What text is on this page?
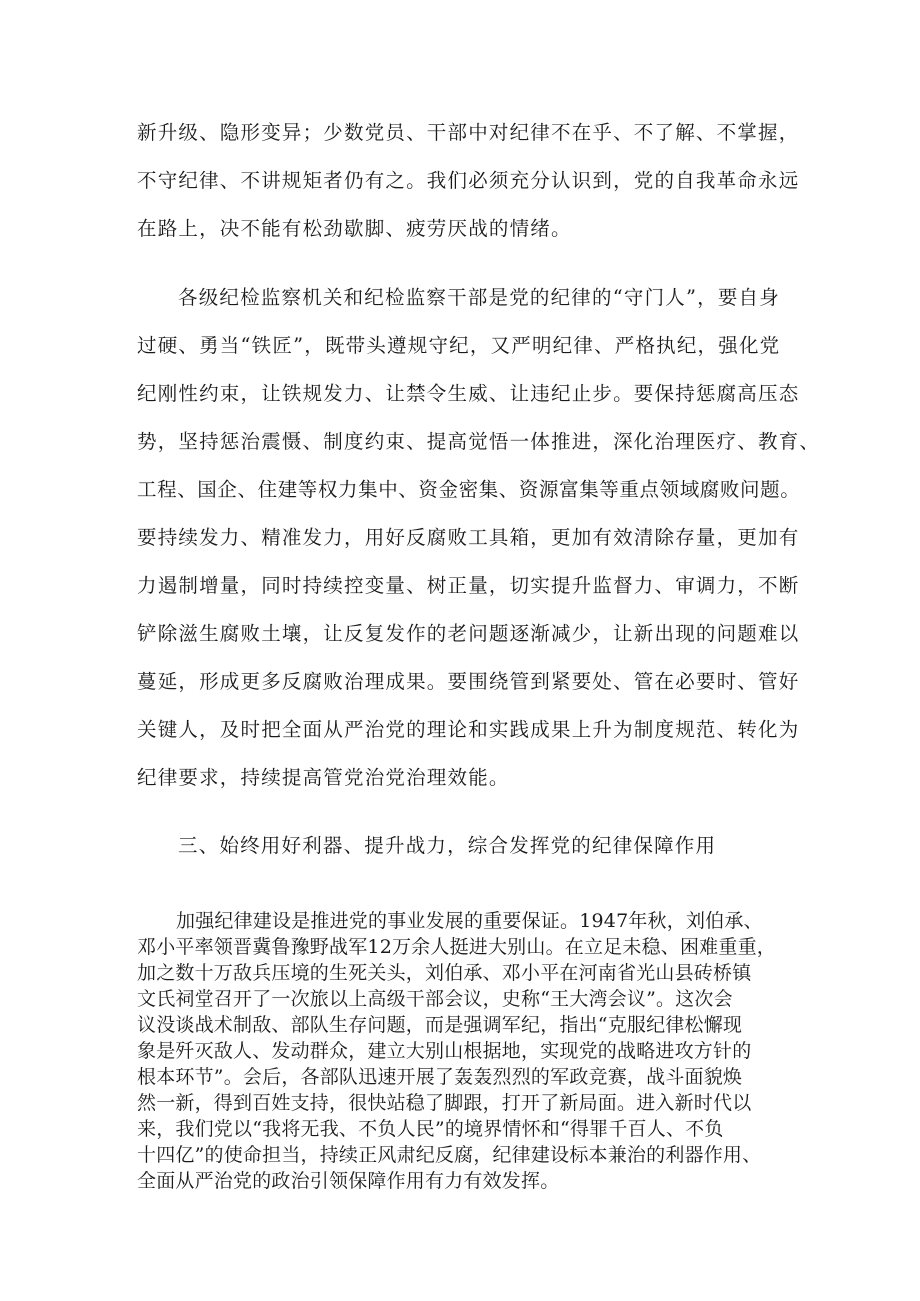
新升级、隐形变异；少数党员、干部中对纪律不在乎、不了解、不掌握，
不守纪律、不讲规矩者仍有之。我们必须充分认识到，党的自我革命永远
在路上，决不能有松劲歇脚、疲劳厌战的情绪。
各级纪检监察机关和纪检监察干部是党的纪律的“守门人”，要自身
过硬、勇当“铁匠”，既带头遵规守纪，又严明纪律、严格执纪，强化党
纪刚性约束，让铁规发力、让禁令生威、让违纪止步。要保持惩腐高压态
势，坚持惩治震慑、制度约束、提高觉悟一体推进，深化治理医疗、教育、
工程、国企、住建等权力集中、资金密集、资源富集等重点领域腐败问题。
要持续发力、精准发力，用好反腐败工具箱，更加有效清除存量，更加有
力遏制增量，同时持续控变量、树正量，切实提升监督力、审调力，不断
铲除滋生腐败土壤，让反复发作的老问题逐渐减少，让新出现的问题难以
蔓延，形成更多反腐败治理成果。要围绕管到紧要处、管在必要时、管好
关键人，及时把全面从严治党的理论和实践成果上升为制度规范、转化为
纪律要求，持续提高管党治党治理效能。
三、始终用好利器、提升战力，综合发挥党的纪律保障作用
加强纪律建设是推进党的事业发展的重要保证。1947年秋，刘伯承、
邓小平率领晋冀鲁豫野战军12万余人挺进大别山。在立足未稳、困难重重，
加之数十万敌兵压境的生死关头，刘伯承、邓小平在河南省光山县砖桥镇
文氏祠堂召开了一次旅以上高级干部会议，史称“王大湾会议”。这次会
议没谈战术制敌、部队生存问题，而是强调军纪，指出“克服纪律松懈现
象是歼灭敌人、发动群众，建立大别山根据地，实现党的战略进攻方针的
根本环节”。会后，各部队迅速开展了轰轰烈烈的军政竞赛，战斗面貌焕
然一新，得到百姓支持，很快站稳了脚跟，打开了新局面。进入新时代以
来，我们党以“我将无我、不负人民”的境界情怀和“得罪千百人、不负
十四亿”的使命担当，持续正风肃纪反腐，纪律建设标本兼治的利器作用、
全面从严治党的政治引领保障作用有力有效发挥。
